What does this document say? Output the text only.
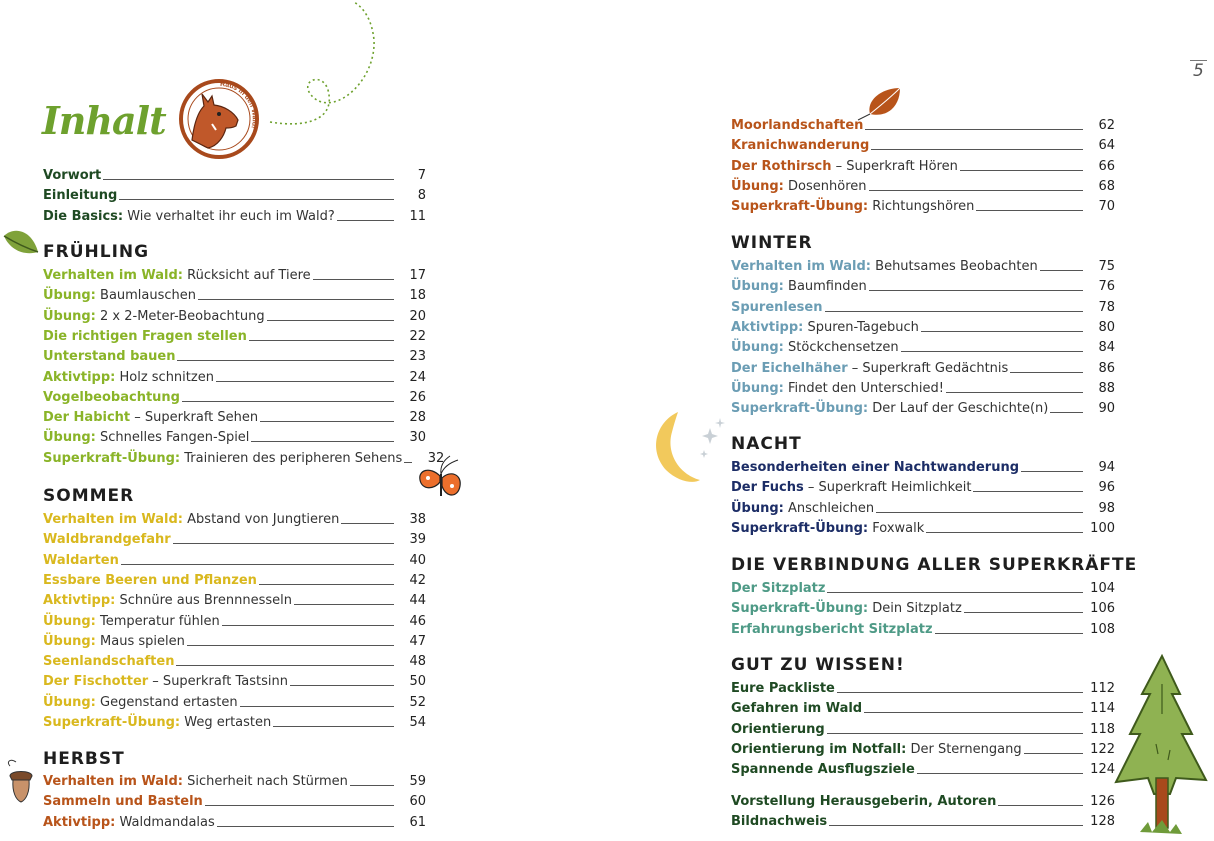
5
Inhalt
Raus in den Wald!
Vorwort	7
Einleitung	8
Die Basics: Wie verhaltet ihr euch im Wald?	11
FRÜHLING
Verhalten im Wald: Rücksicht auf Tiere	17
Übung: Baumlauschen	18
Übung: 2 x 2-Meter-Beobachtung	20
Die richtigen Fragen stellen	22
Unterstand bauen	23
Aktivtipp: Holz schnitzen	24
Vogelbeobachtung	26
Der Habicht – Superkraft Sehen	28
Übung: Schnelles Fangen-Spiel	30
Superkraft-Übung: Trainieren des peripheren Sehens	32
SOMMER
Verhalten im Wald: Abstand von Jungtieren	38
Waldbrandgefahr	39
Waldarten	40
Essbare Beeren und Pflanzen	42
Aktivtipp: Schnüre aus Brennnesseln	44
Übung: Temperatur fühlen	46
Übung: Maus spielen	47
Seenlandschaften	48
Der Fischotter – Superkraft Tastsinn	50
Übung: Gegenstand ertasten	52
Superkraft-Übung: Weg ertasten	54
HERBST
Verhalten im Wald: Sicherheit nach Stürmen	59
Sammeln und Basteln	60
Aktivtipp: Waldmandalas	61
Moorlandschaften	62
Kranichwanderung	64
Der Rothirsch – Superkraft Hören	66
Übung: Dosenhören	68
Superkraft-Übung: Richtungshören	70
WINTER
Verhalten im Wald: Behutsames Beobachten	75
Übung: Baumfinden	76
Spurenlesen	78
Aktivtipp: Spuren-Tagebuch	80
Übung: Stöckchensetzen	84
Der Eichelhäher – Superkraft Gedächtnis	86
Übung: Findet den Unterschied!	88
Superkraft-Übung: Der Lauf der Geschichte(n)	90
NACHT
Besonderheiten einer Nachtwanderung	94
Der Fuchs – Superkraft Heimlichkeit	96
Übung: Anschleichen	98
Superkraft-Übung: Foxwalk	100
DIE VERBINDUNG ALLER SUPERKRÄFTE
Der Sitzplatz	104
Superkraft-Übung: Dein Sitzplatz	106
Erfahrungsbericht Sitzplatz	108
GUT ZU WISSEN!
Eure Packliste	112
Gefahren im Wald	114
Orientierung	118
Orientierung im Notfall: Der Sternengang	122
Spannende Ausflugsziele	124
Vorstellung Herausgeberin, Autoren	126
Bildnachweis	128
